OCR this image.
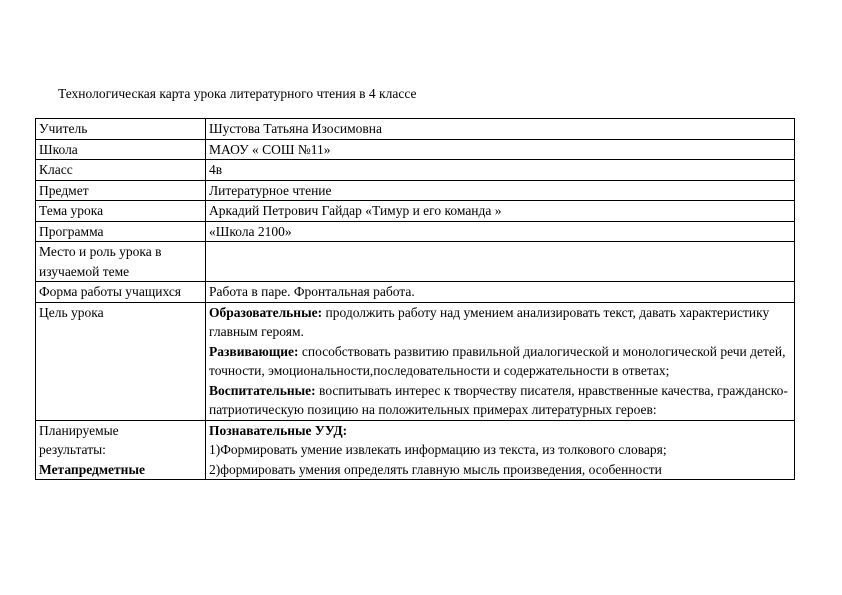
Технологическая карта урока литературного чтения в 4 классе
Учитель	Шустова Татьяна Изосимовна
Школа	МАОУ « СОШ №11»
Класс	4в
Предмет	Литературное чтение
Тема урока	Аркадий Петрович Гайдар «Тимур и его команда »
Программа	«Школа 2100»
Место и роль урока в изучаемой теме	
Форма работы учащихся	Работа в паре. Фронтальная работа.
Цель урока	Образовательные: продолжить работу над умением анализировать текст, давать характеристику главным героям.
Развивающие: способствовать развитию правильной диалогической и монологической речи детей, точности, эмоциональности,последовательности и содержательности в ответах;
Воспитательные: воспитывать интерес к творчеству писателя, нравственные качества, гражданско-патриотическую позицию на положительных примерах литературных героев:

Планируемые
результаты:
Метапредметные	Познавательные УУД:
1)Формировать умение извлекать информацию из текста, из толкового словаря;
2)формировать умения определять главную мысль произведения, особенности
